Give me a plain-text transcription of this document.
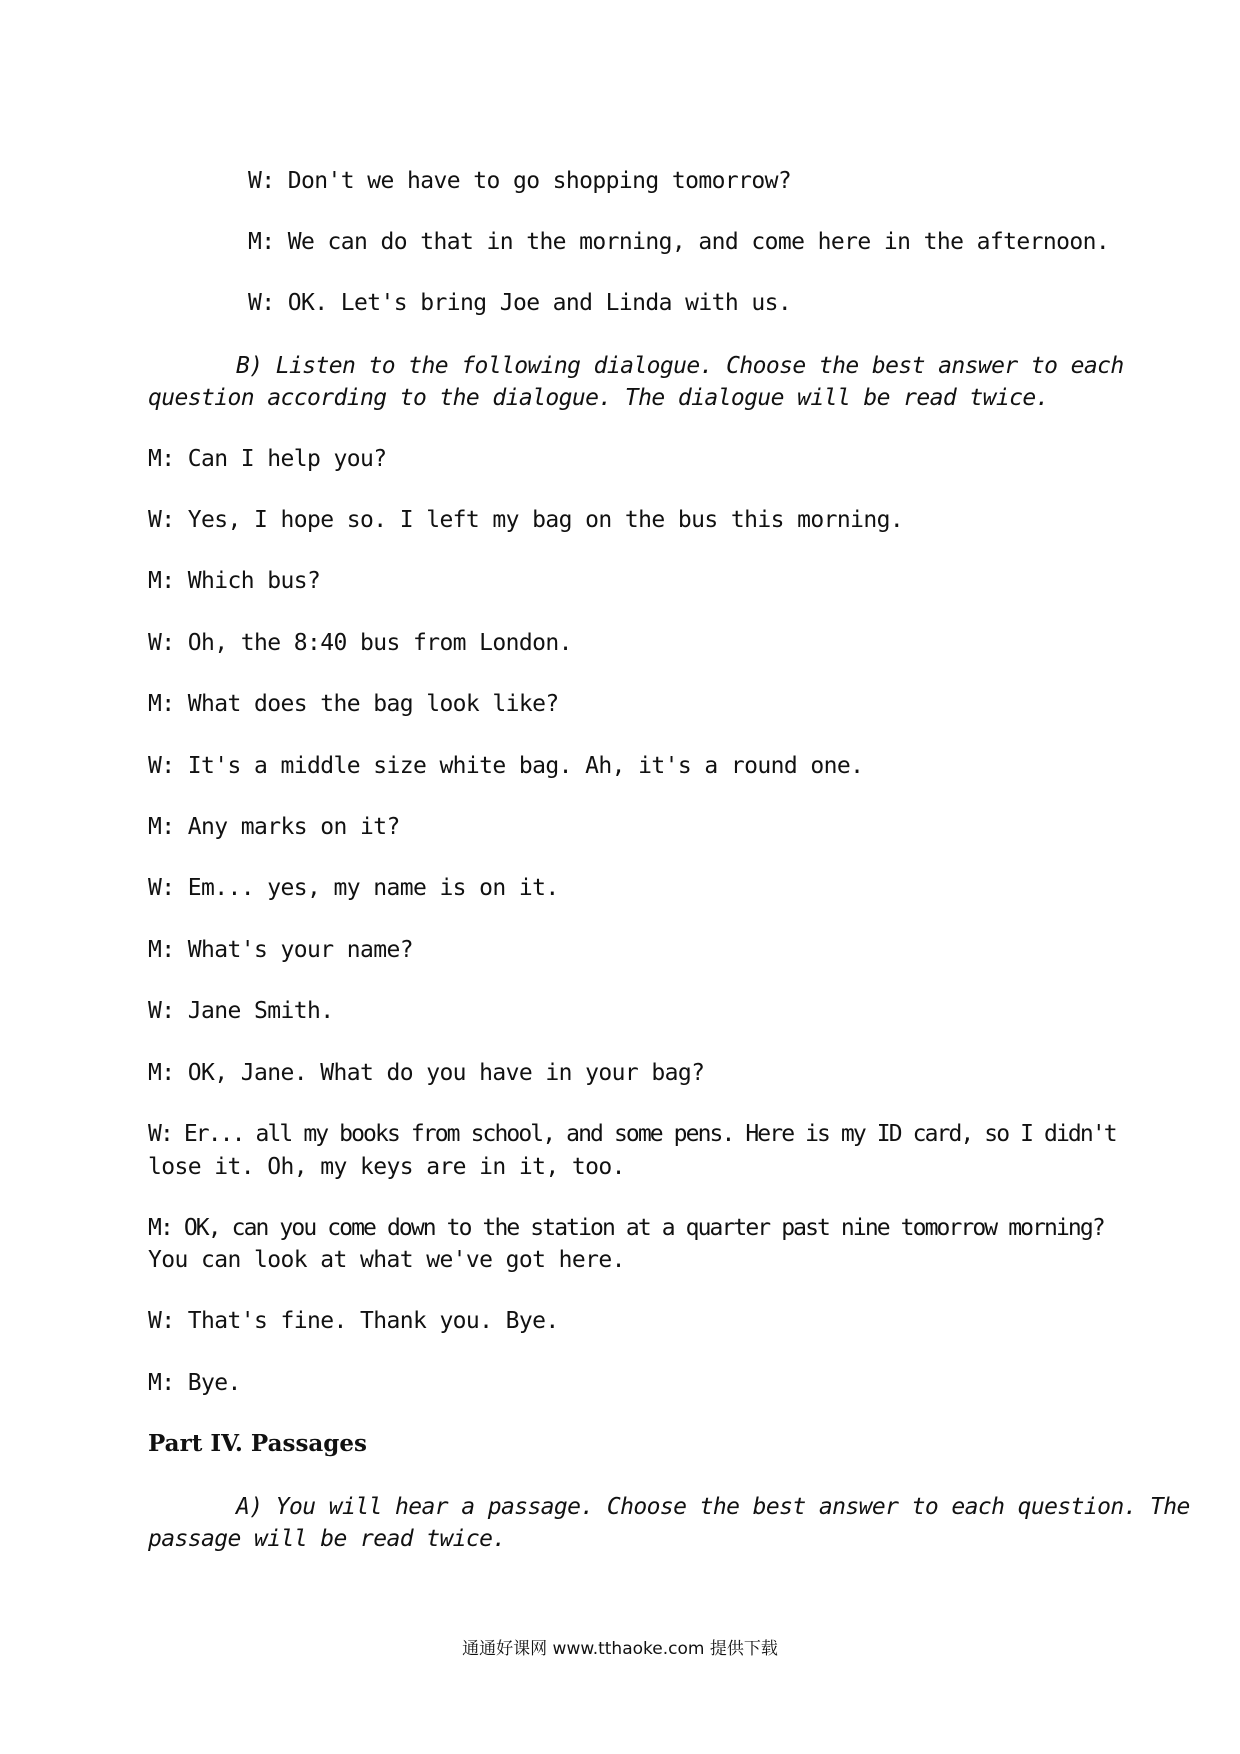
W: Don't we have to go shopping tomorrow?
M: We can do that in the morning, and come here in the afternoon.
W: OK. Let's bring Joe and Linda with us.
B) Listen to the following dialogue. Choose the best answer to each
question according to the dialogue. The dialogue will be read twice.
M: Can I help you?
W: Yes, I hope so. I left my bag on the bus this morning.
M: Which bus?
W: Oh, the 8:40 bus from London.
M: What does the bag look like?
W: It's a middle size white bag. Ah, it's a round one.
M: Any marks on it?
W: Em... yes, my name is on it.
M: What's your name?
W: Jane Smith.
M: OK, Jane. What do you have in your bag?
W: Er... all my books from school, and some pens. Here is my ID card, so I didn't
lose it. Oh, my keys are in it, too.
M: OK, can you come down to the station at a quarter past nine tomorrow morning?
You can look at what we've got here.
W: That's fine. Thank you. Bye.
M: Bye.
Part IV. Passages
A) You will hear a passage. Choose the best answer to each question. The
passage will be read twice.
通通好课网 www.tthaoke.com 提供下载
